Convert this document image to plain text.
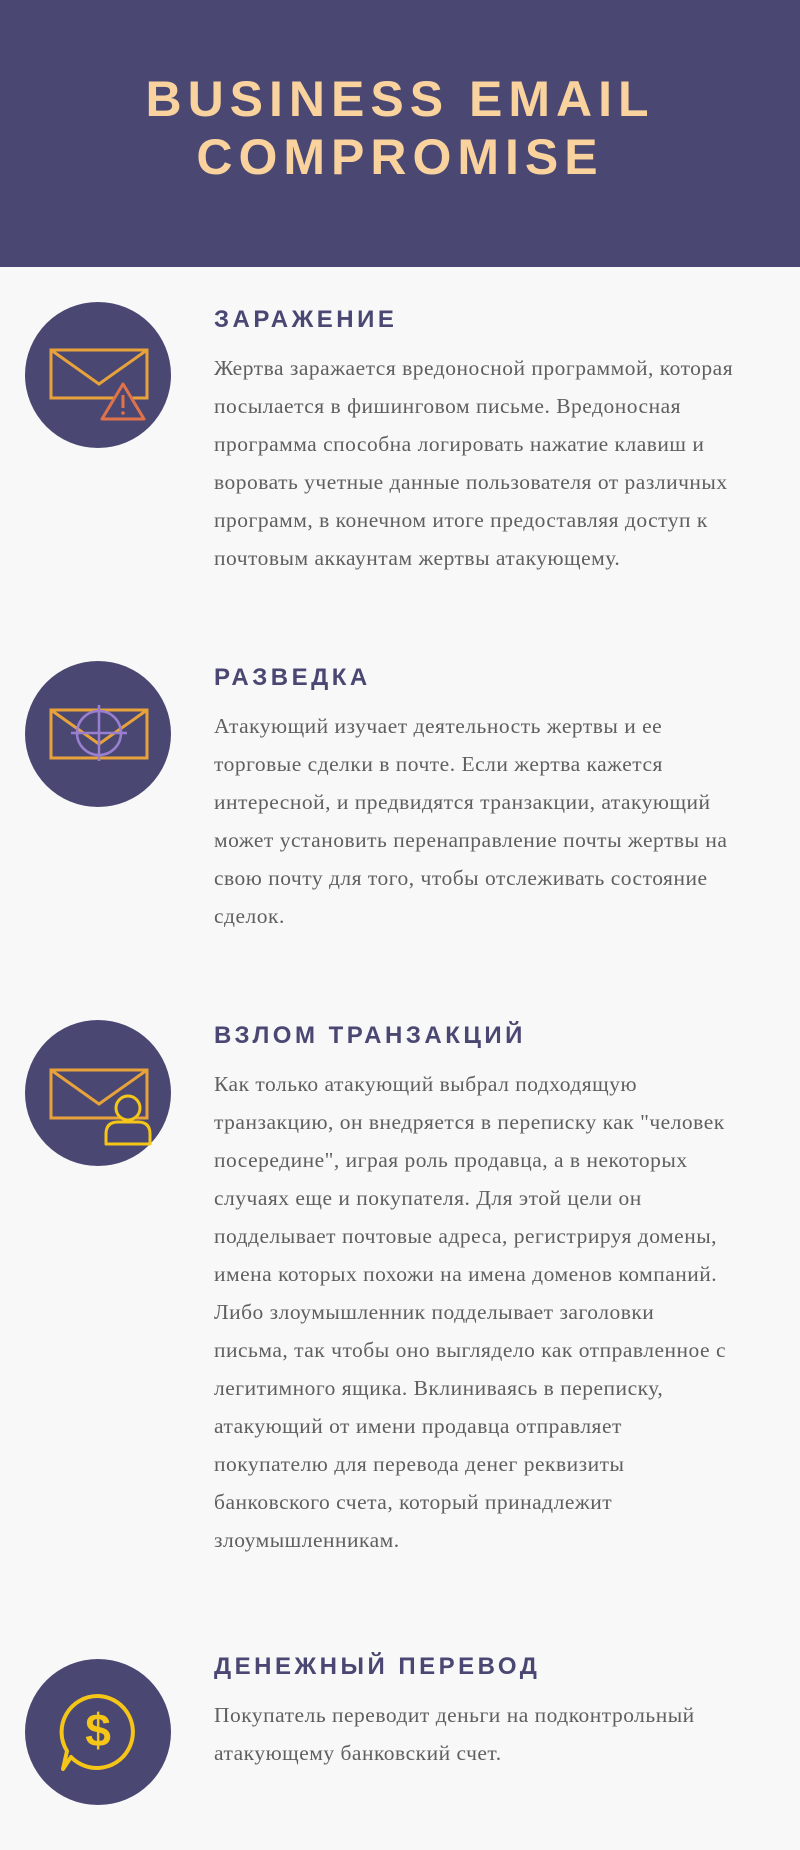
BUSINESS EMAIL COMPROMISE
ЗАРАЖЕНИЕ

Жертва заражается вредоносной программой, которая посылается в фишинговом письме. Вредоносная программа способна логировать нажатие клавиш и воровать учетные данные пользователя от различных программ, в конечном итоге предоставляя доступ к почтовым аккаунтам жертвы атакующему.

РАЗВЕДКА

Атакующий изучает деятельность жертвы и ее торговые сделки в почте. Если жертва кажется интересной, и предвидятся транзакции, атакующий может установить перенаправление почты жертвы на свою почту для того, чтобы отслеживать состояние сделок.

ВЗЛОМ ТРАНЗАКЦИЙ

Как только атакующий выбрал подходящую транзакцию, он внедряется в переписку как "человек посередине", играя роль продавца, а в некоторых случаях еще и покупателя. Для этой цели он подделывает почтовые адреса, регистрируя домены, имена которых похожи на имена доменов компаний. Либо злоумышленник подделывает заголовки письма, так чтобы оно выглядело как отправленное с легитимного ящика. Вклиниваясь в переписку, атакующий от имени продавца отправляет покупателю для перевода денег реквизиты банковского счета, который принадлежит злоумышленникам.

$
ДЕНЕЖНЫЙ ПЕРЕВОД

Покупатель переводит деньги на подконтрольный атакующему банковский счет.
